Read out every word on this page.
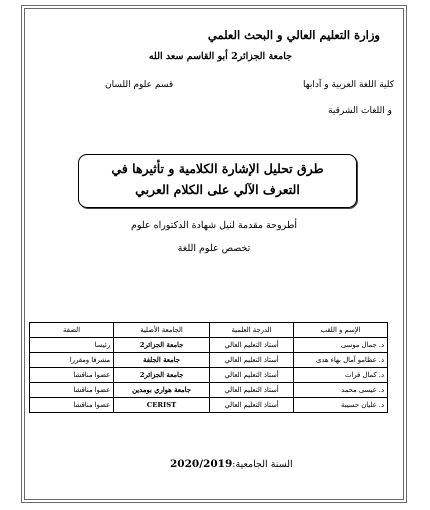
وزارة التعليم العالي و البحث العلمي
جامعة الجزائر2 أبو القاسم سعد الله
كلية اللغة العربية و آدابها
قسم علوم اللسان
و اللغات الشرقية
طرق تحليل الإشارة الكلامية و تأثيرها في
التعرف الآلي على الكلام العربي
أطروحة مقدمة لنيل شهادة الدكتوراه علوم
تخصص علوم اللغة
الإسم و اللقب	الدرجة العلمية	الجامعة الأصلية	الصفة
د. جمال موسى	أستاذ التعليم العالي	جامعة الجزائر2	رئيسا
د. عظامو آمال بهاء هدى	أستاذ التعليم العالي	جامعة الجلفة	مشرفا ومقررا
د. كمال فرات	أستاذ التعليم العالي	جامعة الجزائر2	عضوا مناقشا
د. عيسى محمد	أستاذ التعليم العالي	جامعة هواري بومدين	عضوا مناقشا
د. عليان حسيبة	أستاذ التعليم العالي	CERIST	عضوا مناقشا
السنة الجامعية:2020/2019
